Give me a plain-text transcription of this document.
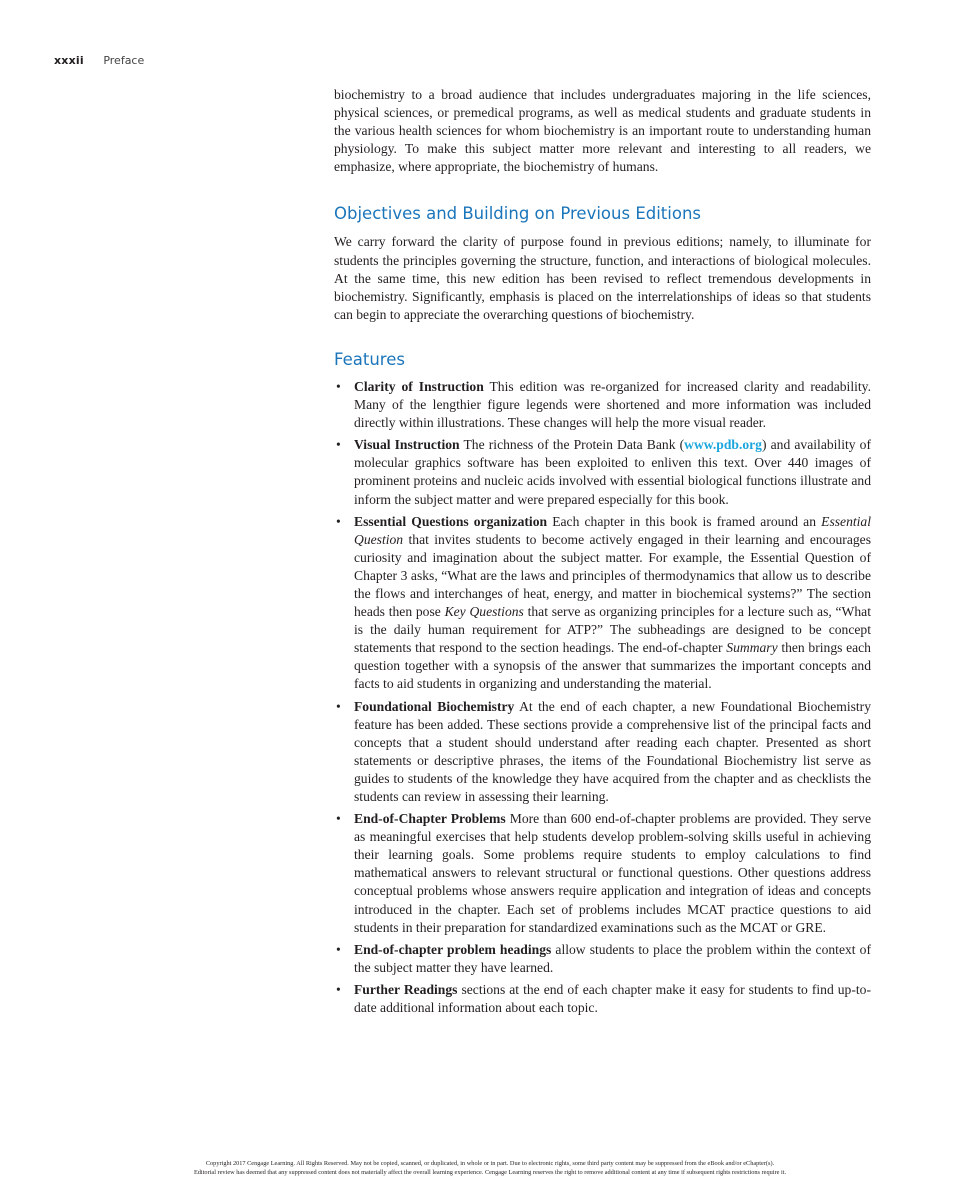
xxxii Preface

biochemistry to a broad audience that includes undergraduates majoring in the life sciences, physical sciences, or premedical programs, as well as medical students and graduate students in the various health sciences for whom biochemistry is an important route to understanding human physiology. To make this subject matter more relevant and interesting to all readers, we emphasize, where appropriate, the biochemistry of humans.

Objectives and Building on Previous Editions

We carry forward the clarity of purpose found in previous editions; namely, to illuminate for students the principles governing the structure, function, and interactions of biological molecules. At the same time, this new edition has been revised to reflect tremendous developments in biochemistry. Significantly, emphasis is placed on the interrelationships of ideas so that students can begin to appreciate the overarching questions of biochemistry.

Features
• Clarity of Instruction This edition was re-organized for increased clarity and readability. Many of the lengthier figure legends were shortened and more information was included directly within illustrations. These changes will help the more visual reader.
• Visual Instruction The richness of the Protein Data Bank (www.pdb.org) and availability of molecular graphics software has been exploited to enliven this text. Over 440 images of prominent proteins and nucleic acids involved with essential biological functions illustrate and inform the subject matter and were prepared especially for this book.
• Essential Questions organization Each chapter in this book is framed around an Essential Question that invites students to become actively engaged in their learning and encourages curiosity and imagination about the subject matter. For example, the Essential Question of Chapter 3 asks, “What are the laws and principles of thermodynamics that allow us to describe the flows and interchanges of heat, energy, and matter in biochemical systems?” The section heads then pose Key Questions that serve as organizing principles for a lecture such as, “What is the daily human requirement for ATP?” The subheadings are designed to be concept statements that respond to the section headings. The end-of-chapter Summary then brings each question together with a synopsis of the answer that summarizes the important concepts and facts to aid students in organizing and understanding the material.
• Foundational Biochemistry At the end of each chapter, a new Foundational Biochemistry feature has been added. These sections provide a comprehensive list of the principal facts and concepts that a student should understand after reading each chapter. Presented as short statements or descriptive phrases, the items of the Foundational Biochemistry list serve as guides to students of the knowledge they have acquired from the chapter and as checklists the students can review in assessing their learning.
• End-of-Chapter Problems More than 600 end-of-chapter problems are provided. They serve as meaningful exercises that help students develop problem-solving skills useful in achieving their learning goals. Some problems require students to employ calculations to find mathematical answers to relevant structural or functional questions. Other questions address conceptual problems whose answers require application and integration of ideas and concepts introduced in the chapter. Each set of problems includes MCAT practice questions to aid students in their preparation for standardized examinations such as the MCAT or GRE.
• End-of-chapter problem headings allow students to place the problem within the context of the subject matter they have learned.
• Further Readings sections at the end of each chapter make it easy for students to find up-to-date additional information about each topic.
Copyright 2017 Cengage Learning. All Rights Reserved. May not be copied, scanned, or duplicated, in whole or in part. Due to electronic rights, some third party content may be suppressed from the eBook and/or eChapter(s).
Editorial review has deemed that any suppressed content does not materially affect the overall learning experience. Cengage Learning reserves the right to remove additional content at any time if subsequent rights restrictions require it.
